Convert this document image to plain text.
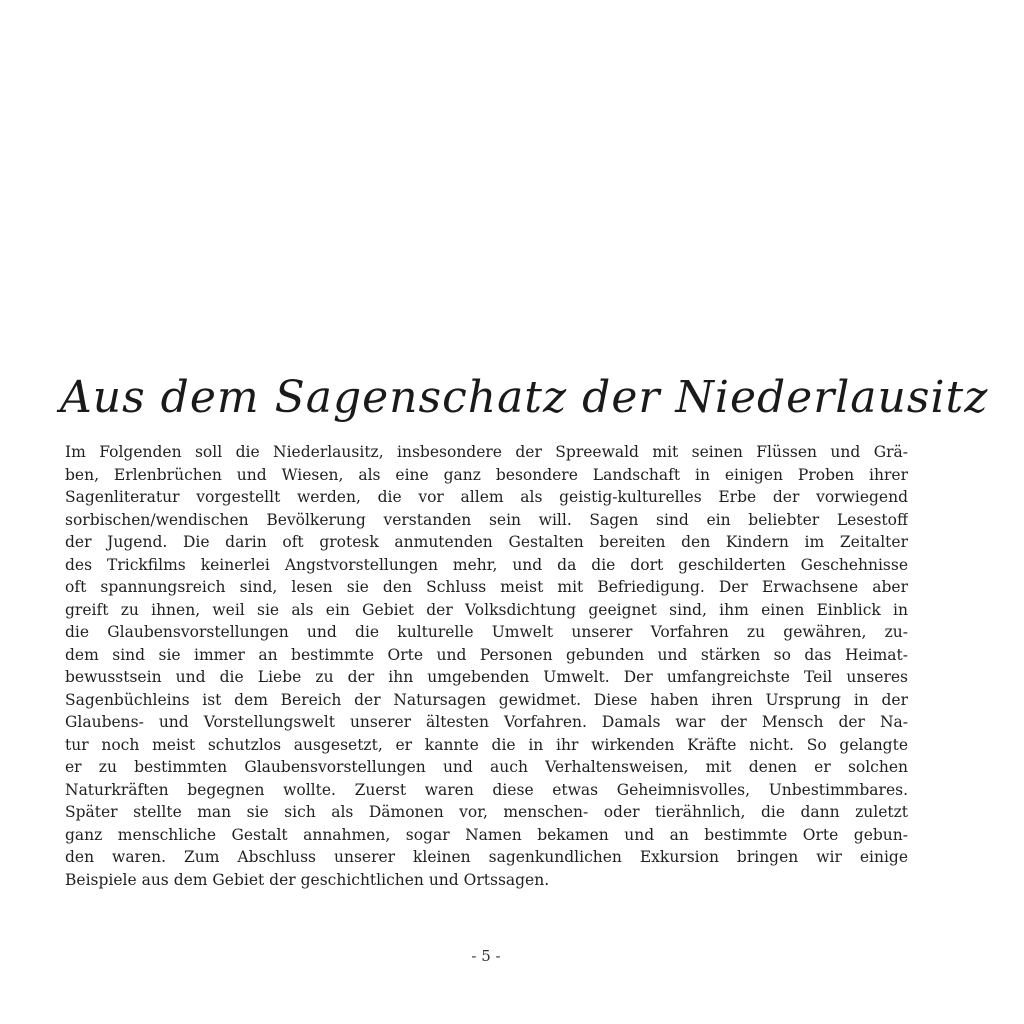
Aus dem Sagenschatz der Niederlausitz
Im Folgenden soll die Niederlausitz, insbesondere der Spreewald mit seinen Flüssen und Grä-
ben, Erlenbrüchen und Wiesen, als eine ganz besondere Landschaft in einigen Proben ihrer
Sagenliteratur vorgestellt werden, die vor allem als geistig-kulturelles Erbe der vorwiegend
sorbischen/wendischen Bevölkerung verstanden sein will. Sagen sind ein beliebter Lesestoff
der Jugend. Die darin oft grotesk anmutenden Gestalten bereiten den Kindern im Zeitalter
des Trickfilms keinerlei Angstvorstellungen mehr, und da die dort geschilderten Geschehnisse
oft spannungsreich sind, lesen sie den Schluss meist mit Befriedigung. Der Erwachsene aber
greift zu ihnen, weil sie als ein Gebiet der Volksdichtung geeignet sind, ihm einen Einblick in
die Glaubensvorstellungen und die kulturelle Umwelt unserer Vorfahren zu gewähren, zu-
dem sind sie immer an bestimmte Orte und Personen gebunden und stärken so das Heimat-
bewusstsein und die Liebe zu der ihn umgebenden Umwelt. Der umfangreichste Teil unseres
Sagenbüchleins ist dem Bereich der Natursagen gewidmet. Diese haben ihren Ursprung in der
Glaubens- und Vorstellungswelt unserer ältesten Vorfahren. Damals war der Mensch der Na-
tur noch meist schutzlos ausgesetzt, er kannte die in ihr wirkenden Kräfte nicht. So gelangte
er zu bestimmten Glaubensvorstellungen und auch Verhaltensweisen, mit denen er solchen
Naturkräften begegnen wollte. Zuerst waren diese etwas Geheimnisvolles, Unbestimmbares.
Später stellte man sie sich als Dämonen vor, menschen- oder tierähnlich, die dann zuletzt
ganz menschliche Gestalt annahmen, sogar Namen bekamen und an bestimmte Orte gebun-
den waren. Zum Abschluss unserer kleinen sagenkundlichen Exkursion bringen wir einige
Beispiele aus dem Gebiet der geschichtlichen und Ortssagen.
- 5 -
